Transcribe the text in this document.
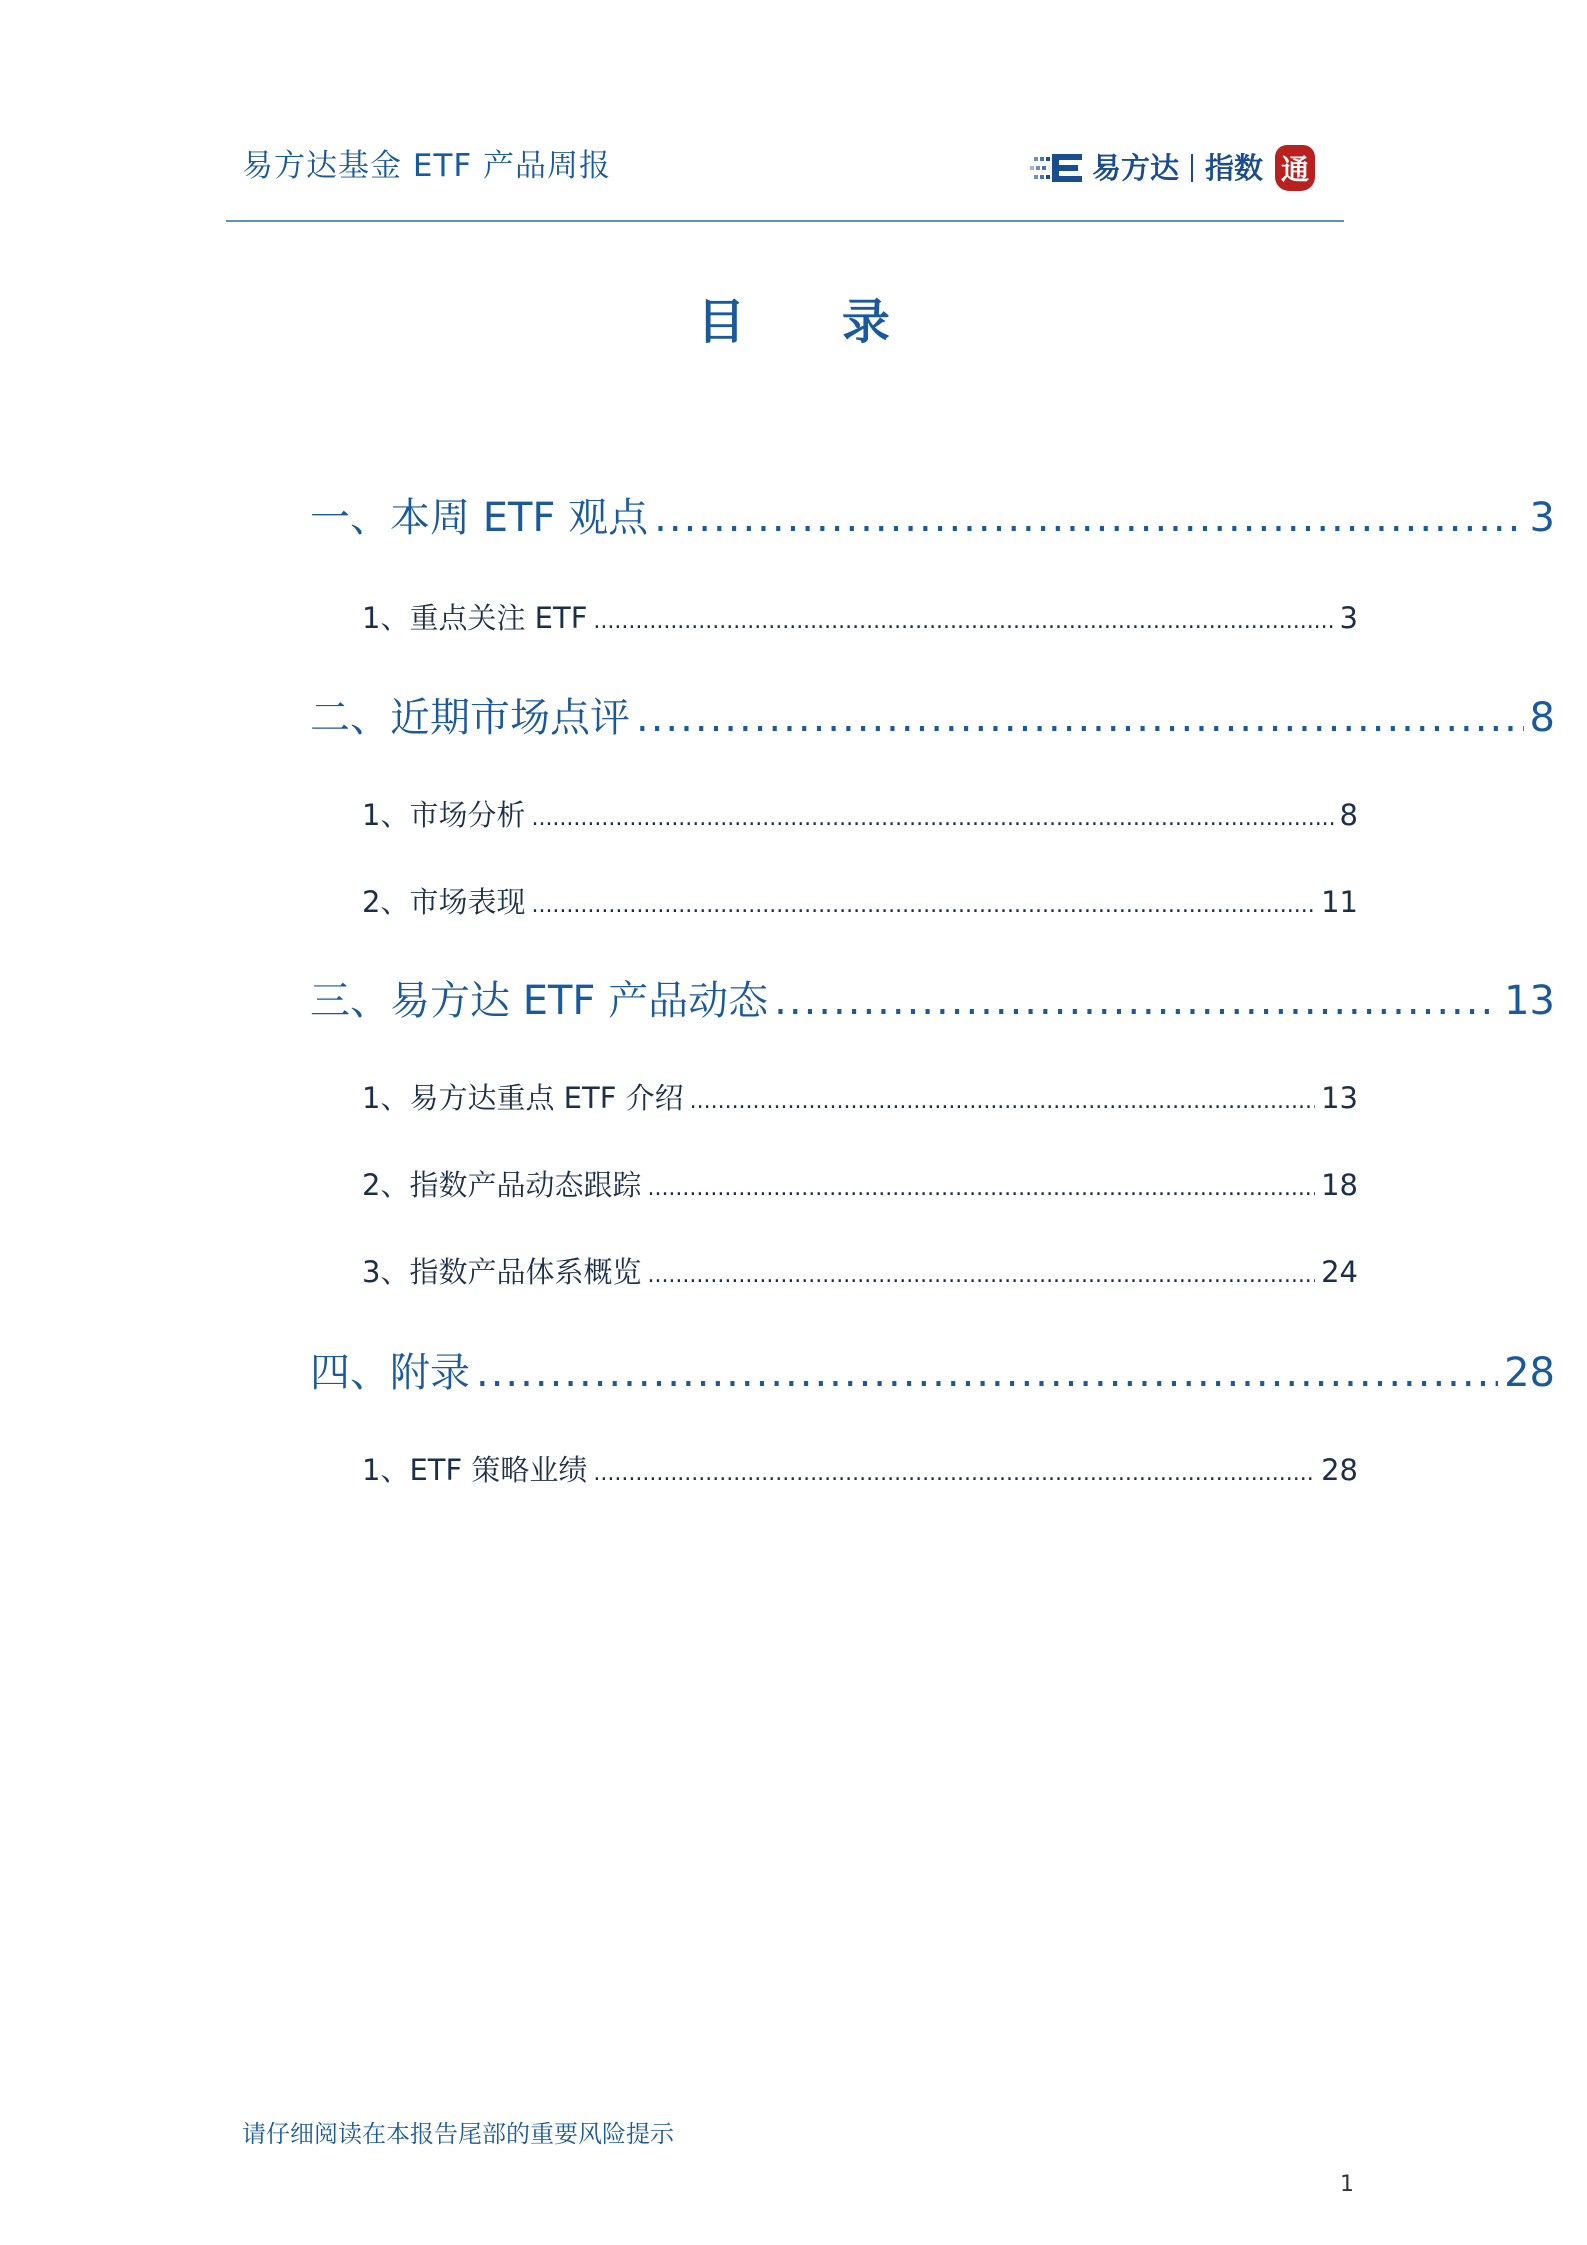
易方达基金 ETF 产品周报	易方达 指数 通
目 录
一、本周 ETF 观点 .....	3
1、重点关注 ETF .....	3
二、近期市场点评 .....	8
1、市场分析 .....	8
2、市场表现 .....	11
三、易方达 ETF 产品动态 .....	13
1、易方达重点 ETF 介绍 .....	13
2、指数产品动态跟踪 .....	18
3、指数产品体系概览 .....	24
四、附录 .....	28
1、ETF 策略业绩 .....	28
请仔细阅读在本报告尾部的重要风险提示
1
